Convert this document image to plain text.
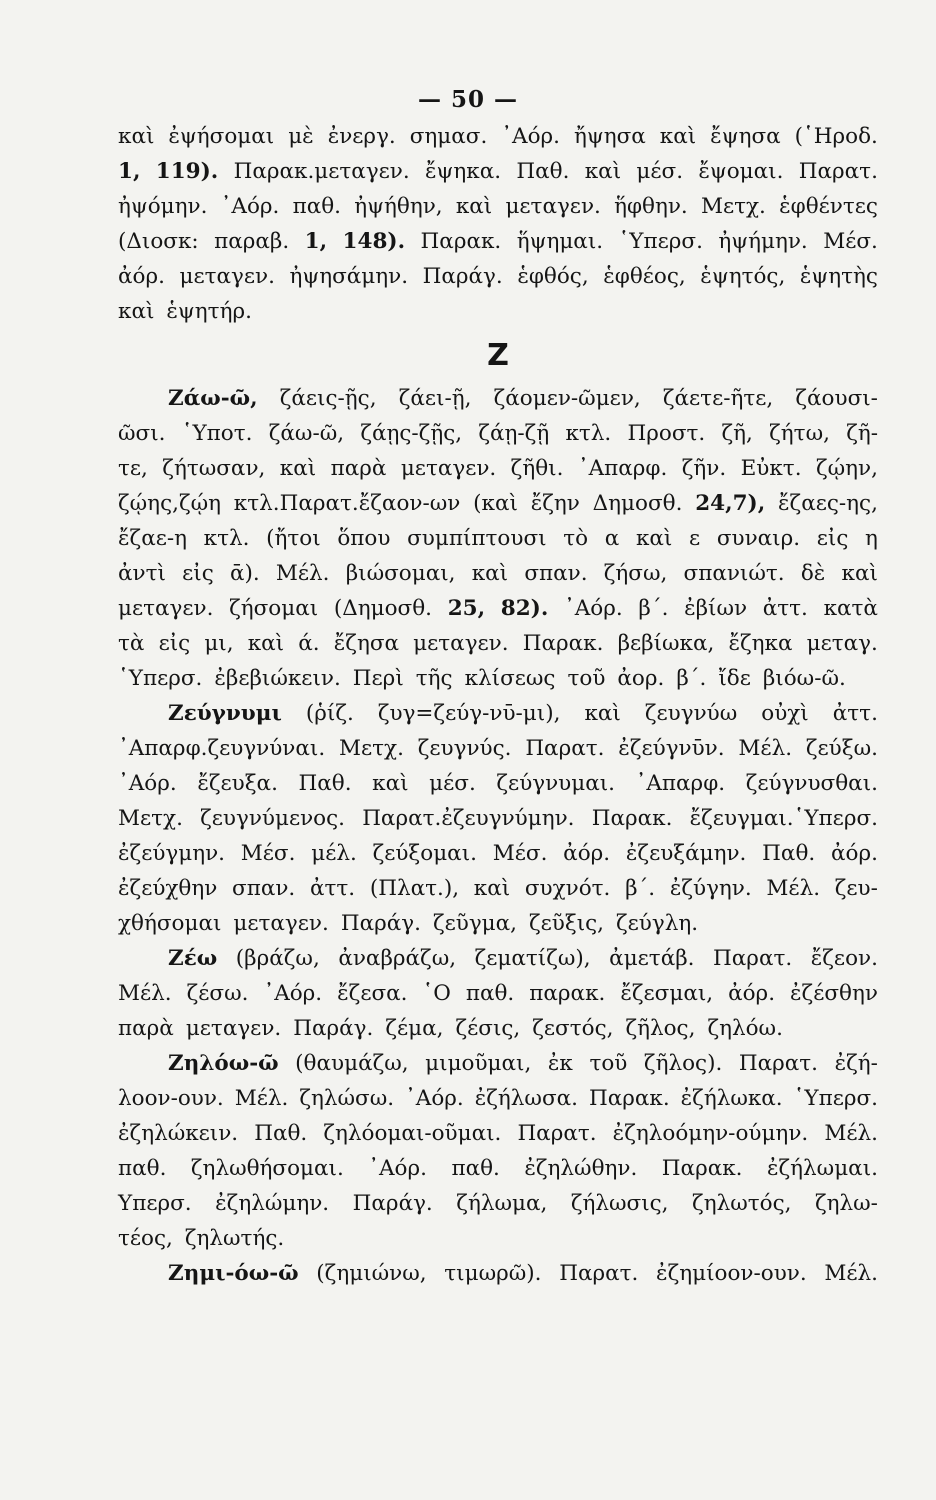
— 50 —
καὶ ἐψήσομαι μὲ ἐνεργ. σημασ. ᾿Αόρ. ἤψησα καὶ ἔψησα (῾Ηροδ.
1, 119). Παρακ.μεταγεν. ἔψηκα. Παθ. καὶ μέσ. ἔψομαι. Παρατ.
ἠψόμην. ᾿Αόρ. παθ. ἠψήθην, καὶ μεταγεν. ἥφθην. Μετχ. ἑφθέντες
(Διοσκ: παραβ. 1, 148). Παρακ. ἥψημαι. ῾Υπερσ. ἠψήμην. Μέσ.
ἀόρ. μεταγεν. ἠψησάμην. Παράγ. ἑφθός, ἑφθέος, ἑψητός, ἑψητὴς
καὶ ἑψητήρ.
Ζ
Ζάω-ῶ, ζάεις-ῇς, ζάει-ῇ, ζάομεν-ῶμεν, ζάετε-ῆτε, ζάουσι-
ῶσι. ῾Υποτ. ζάω-ῶ, ζάῃς-ζῇς, ζάῃ-ζῇ κτλ. Προστ. ζῆ, ζήτω, ζῆ-
τε, ζήτωσαν, καὶ παρὰ μεταγεν. ζῆθι. ᾿Απαρφ. ζῆν. Εὐκτ. ζῴην,
ζῴης,ζῴη κτλ.Παρατ.ἔζαον-ων (καὶ ἔζην Δημοσθ. 24,7), ἔζαες-ης,
ἔζαε-η κτλ. (ἤτοι ὅπου συμπίπτουσι τὸ α καὶ ε συναιρ. εἰς η
ἀντὶ εἰς ᾱ). Μέλ. βιώσομαι, καὶ σπαν. ζήσω, σπανιώτ. δὲ καὶ
μεταγεν. ζήσομαι (Δημοσθ. 25, 82). ᾿Αόρ. β΄. ἐβίων ἀττ. κατὰ
τὰ εἰς μι, καὶ ά. ἔζησα μεταγεν. Παρακ. βεβίωκα, ἔζηκα μεταγ.
῾Υπερσ. ἐβεβιώκειν. Περὶ τῆς κλίσεως τοῦ ἀορ. β΄. ἴδε βιόω-ῶ.
Ζεύγνυμι (ῥίζ. ζυγ=ζεύγ-νῡ-μι), καὶ ζευγνύω οὐχὶ ἀττ.
᾿Απαρφ.ζευγνύναι. Μετχ. ζευγνύς. Παρατ. ἐζεύγνῡν. Μέλ. ζεύξω.
᾿Αόρ. ἔζευξα. Παθ. καὶ μέσ. ζεύγνυμαι. ᾿Απαρφ. ζεύγνυσθαι.
Μετχ. ζευγνύμενος. Παρατ.ἐζευγνύμην. Παρακ. ἔζευγμαι.῾Υπερσ.
ἐζεύγμην. Μέσ. μέλ. ζεύξομαι. Μέσ. ἀόρ. ἐζευξάμην. Παθ. ἀόρ.
ἐζεύχθην σπαν. ἀττ. (Πλατ.), καὶ συχνότ. β΄. ἐζύγην. Μέλ. ζευ-
χθήσομαι μεταγεν. Παράγ. ζεῦγμα, ζεῦξις, ζεύγλη.
Ζέω (βράζω, ἀναβράζω, ζεματίζω), ἀμετάβ. Παρατ. ἔζεον.
Μέλ. ζέσω. ᾿Αόρ. ἔζεσα. ῾Ο παθ. παρακ. ἔζεσμαι, ἀόρ. ἐζέσθην
παρὰ μεταγεν. Παράγ. ζέμα, ζέσις, ζεστός, ζῆλος, ζηλόω.
Ζηλόω-ῶ (θαυμάζω, μιμοῦμαι, ἐκ τοῦ ζῆλος). Παρατ. ἐζή-
λοον-ουν. Μέλ. ζηλώσω. ᾿Αόρ. ἐζήλωσα. Παρακ. ἐζήλωκα. ῾Υπερσ.
ἐζηλώκειν. Παθ. ζηλόομαι-οῦμαι. Παρατ. ἐζηλοόμην-ούμην. Μέλ.
παθ. ζηλωθήσομαι. ᾿Αόρ. παθ. ἐζηλώθην. Παρακ. ἐζήλωμαι.
Υπερσ. ἐζηλώμην. Παράγ. ζήλωμα, ζήλωσις, ζηλωτός, ζηλω-
τέος, ζηλωτής.
Ζημι-όω-ῶ (ζημιώνω, τιμωρῶ). Παρατ. ἐζημίοον-ουν. Μέλ.
